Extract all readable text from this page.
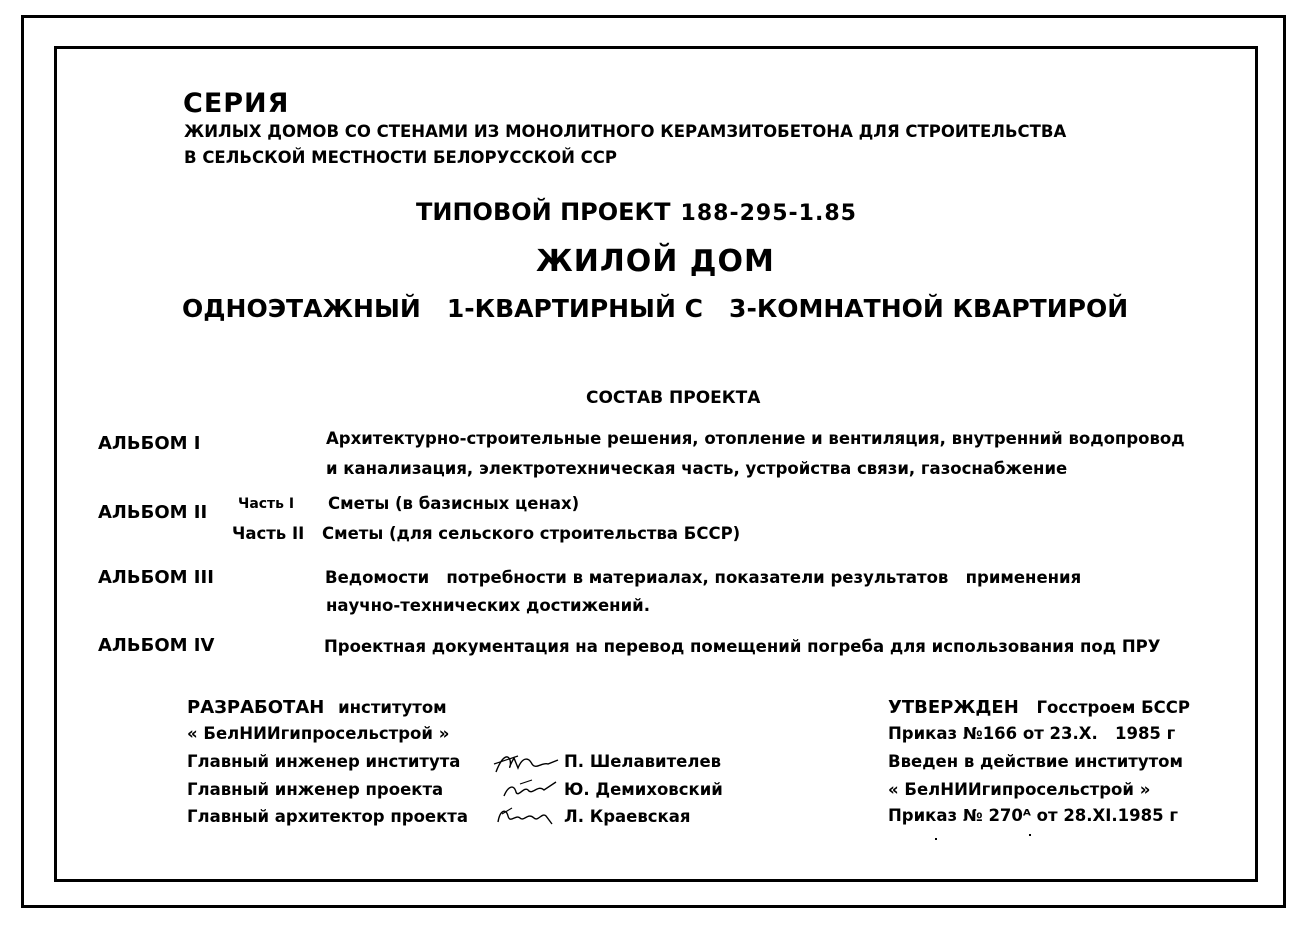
СЕРИЯ
ЖИЛЫХ ДОМОВ СО СТЕНАМИ ИЗ МОНОЛИТНОГО КЕРАМЗИТОБЕТОНА ДЛЯ СТРОИТЕЛЬСТВА
В СЕЛЬСКОЙ МЕСТНОСТИ БЕЛОРУССКОЙ ССР
ТИПОВОЙ ПРОЕКТ 188-295-1.85
ЖИЛОЙ ДОМ
ОДНОЭТАЖНЫЙ   1-КВАРТИРНЫЙ С   3-КОМНАТНОЙ КВАРТИРОЙ
СОСТАВ ПРОЕКТА
АЛЬБОМ I	Архитектурно-строительные решения, отопление и вентиляция, внутренний водопровод
и канализация, электротехническая часть, устройства связи, газоснабжение
АЛЬБОМ II Часть I Сметы (в базисных ценах)
Часть II Сметы (для сельского строительства БССР)
АЛЬБОМ III	Ведомости   потребности в материалах, показатели результатов   применения
научно-технических достижений.
АЛЬБОМ IV	Проектная документация на перевод помещений погреба для использования под ПРУ
РАЗРАБОТАН институтом
« БелНИИгипросельстрой »
Главный инженер института	П. Шелавителев
Главный инженер проекта	Ю. Демиховский
Главный архитектор проекта	Л. Краевская
УТВЕРЖДЕН Госстроем БССР
Приказ №166 от 23.Х.   1985 г
Введен в действие институтом
« БелНИИгипросельстрой »
Приказ № 270ᴬ от 28.XI.1985 г
